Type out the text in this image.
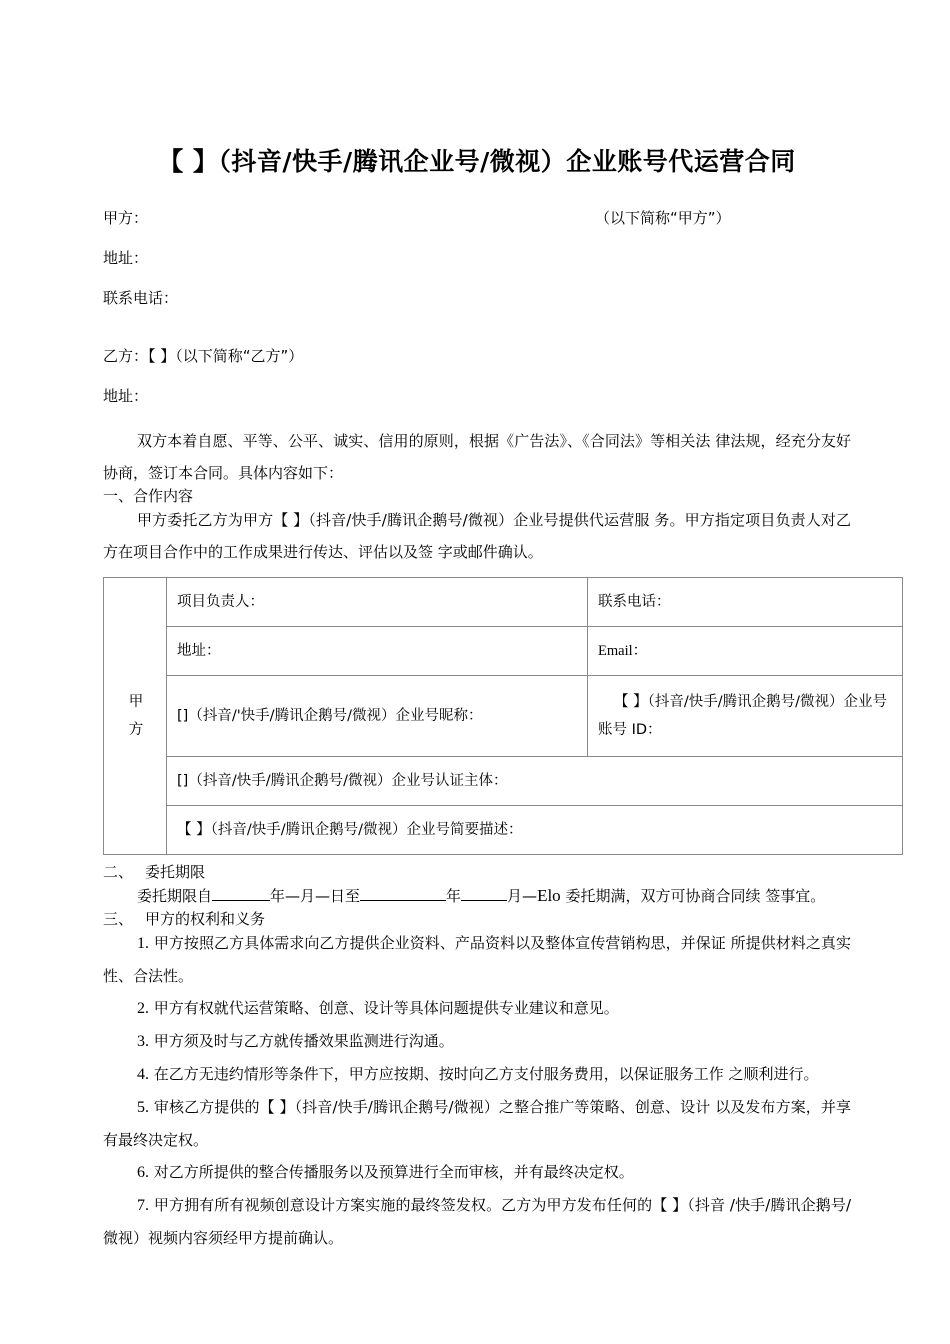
【 】（抖音/快手/腾讯企业号/微视）企业账号代运营合同
甲方：	（以下简称“甲方”）
地址：
联系电话：
乙方：【 】（以下简称“乙方”）
地址：

双方本着自愿、平等、公平、诚实、信用的原则，根据《广告法》、《合同法》等相关法 律法规，经充分友好协商，签订本合同。具体内容如下：

一、合作内容

甲方委托乙方为甲方【 】（抖音/快手/腾讯企鹅号/微视）企业号提供代运营服 务。甲方指定项目负责人对乙方在项目合作中的工作成果进行传达、评估以及签 字或邮件确认。

甲
方	项目负责人：	联系电话：
	地址：	Email：
	[]（抖音/'快手/腾讯企鹅号/微视）企业号昵称：	【 】（抖音/快手/腾讯企鹅号/微视）企业号
账号 ID：

	[]（抖音/快手/腾讯企鹅号/微视）企业号认证主体：	
	【 】（抖音/快手/腾讯企鹅号/微视）企业号简要描述：	

二、 委托期限

委托期限自	年—月—日至	年	月—Elo 委托期满，双方可协商合同续 签事宜。

三、 甲方的权利和义务

1. 甲方按照乙方具体需求向乙方提供企业资料、产品资料以及整体宣传营销构思，并保证 所提供材料之真实性、合法性。

2. 甲方有权就代运营策略、创意、设计等具体问题提供专业建议和意见。

3. 甲方须及时与乙方就传播效果监测进行沟通。

4. 在乙方无违约情形等条件下，甲方应按期、按时向乙方支付服务费用，以保证服务工作 之顺利进行。

5. 审核乙方提供的【 】（抖音/快手/腾讯企鹅号/微视）之整合推广等策略、创意、设计 以及发布方案，并享有最终决定权。

6. 对乙方所提供的整合传播服务以及预算进行全而审核，并有最终决定权。

7. 甲方拥有所有视频创意设计方案实施的最终签发权。乙方为甲方发布任何的【 】（抖音 /快手/腾讯企鹅号/微视）视频内容须经甲方提前确认。
